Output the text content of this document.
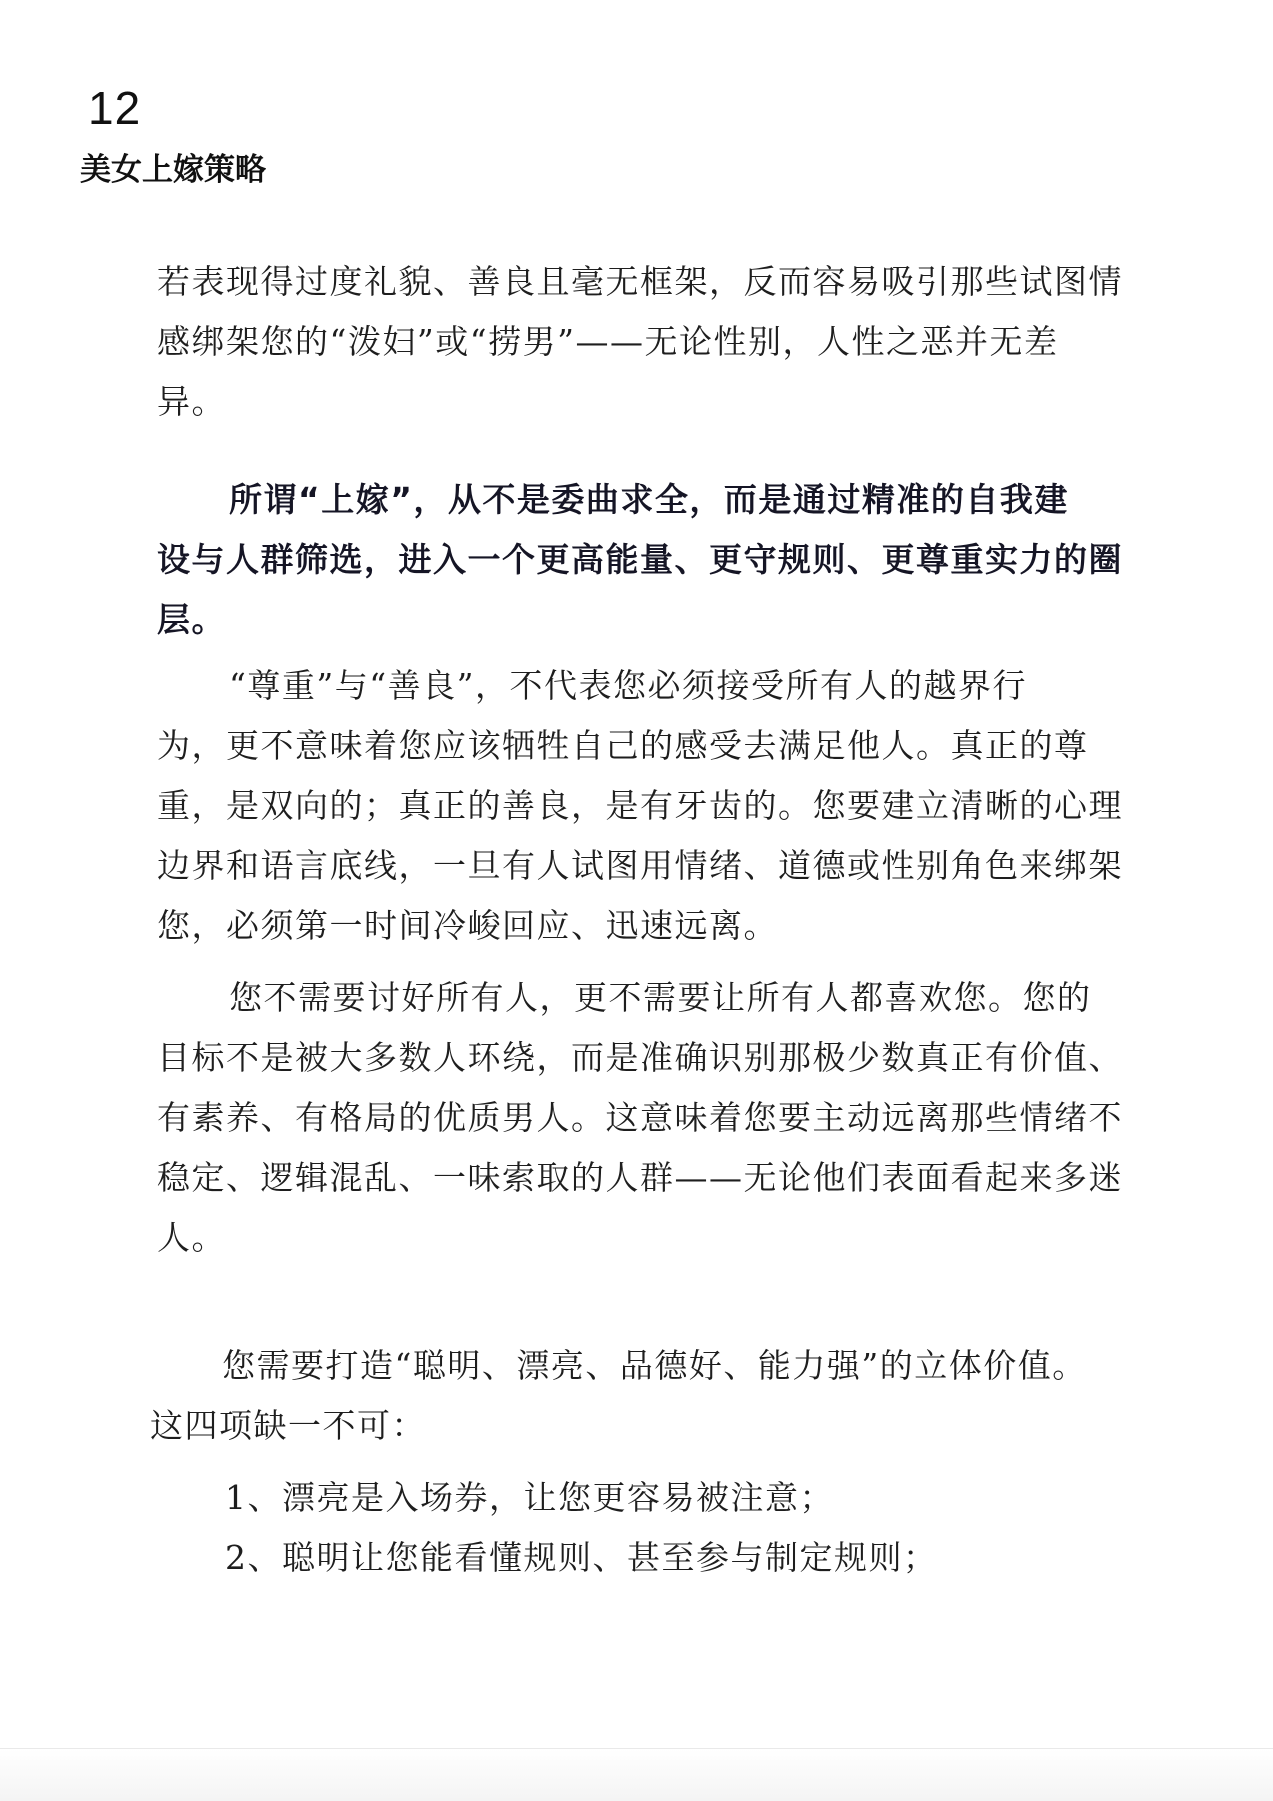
12
美女上嫁策略

若表现得过度礼貌、善良且毫无框架，反而容易吸引那些试图情
感绑架您的“泼妇”或“捞男”——无论性别，人性之恶并无差
异。

所谓“上嫁”，从不是委曲求全，而是通过精准的自我建
设与人群筛选，进入一个更高能量、更守规则、更尊重实力的圈
层。

“尊重”与“善良”，不代表您必须接受所有人的越界行
为，更不意味着您应该牺牲自己的感受去满足他人。真正的尊
重，是双向的；真正的善良，是有牙齿的。您要建立清晰的心理
边界和语言底线，一旦有人试图用情绪、道德或性别角色来绑架
您，必须第一时间冷峻回应、迅速远离。

您不需要讨好所有人，更不需要让所有人都喜欢您。您的
目标不是被大多数人环绕，而是准确识别那极少数真正有价值、
有素养、有格局的优质男人。这意味着您要主动远离那些情绪不
稳定、逻辑混乱、一味索取的人群——无论他们表面看起来多迷
人。

您需要打造“聪明、漂亮、品德好、能力强”的立体价值。
这四项缺一不可：

1、漂亮是入场券，让您更容易被注意；
2、聪明让您能看懂规则、甚至参与制定规则；
